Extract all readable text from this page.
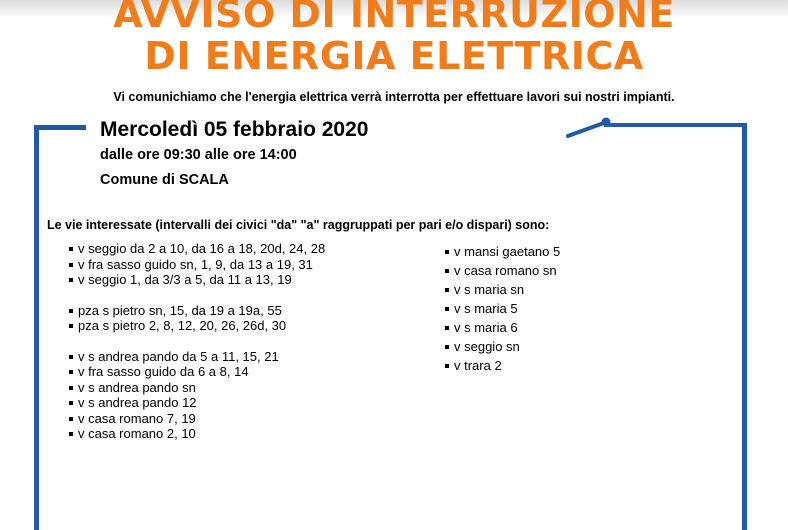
AVVISO DI INTERRUZIONE
DI ENERGIA ELETTRICA
Vi comunichiamo che l'energia elettrica verrà interrotta per effettuare lavori sui nostri impianti.
Mercoledì 05 febbraio 2020
dalle ore 09:30 alle ore 14:00
Comune di SCALA
Le vie interessate (intervalli dei civici "da" "a" raggruppati per pari e/o dispari) sono:
v seggio da 2 a 10, da 16 a 18, 20d, 24, 28
v fra sasso guido sn, 1, 9, da 13 a 19, 31
v seggio 1, da 3/3 a 5, da 11 a 13, 19
pza s pietro sn, 15, da 19 a 19a, 55
pza s pietro 2, 8, 12, 20, 26, 26d, 30
v s andrea pando da 5 a 11, 15, 21
v fra sasso guido da 6 a 8, 14
v s andrea pando sn
v s andrea pando 12
v casa romano 7, 19
v casa romano 2, 10
v mansi gaetano 5
v casa romano sn
v s maria sn
v s maria 5
v s maria 6
v seggio sn
v trara 2
